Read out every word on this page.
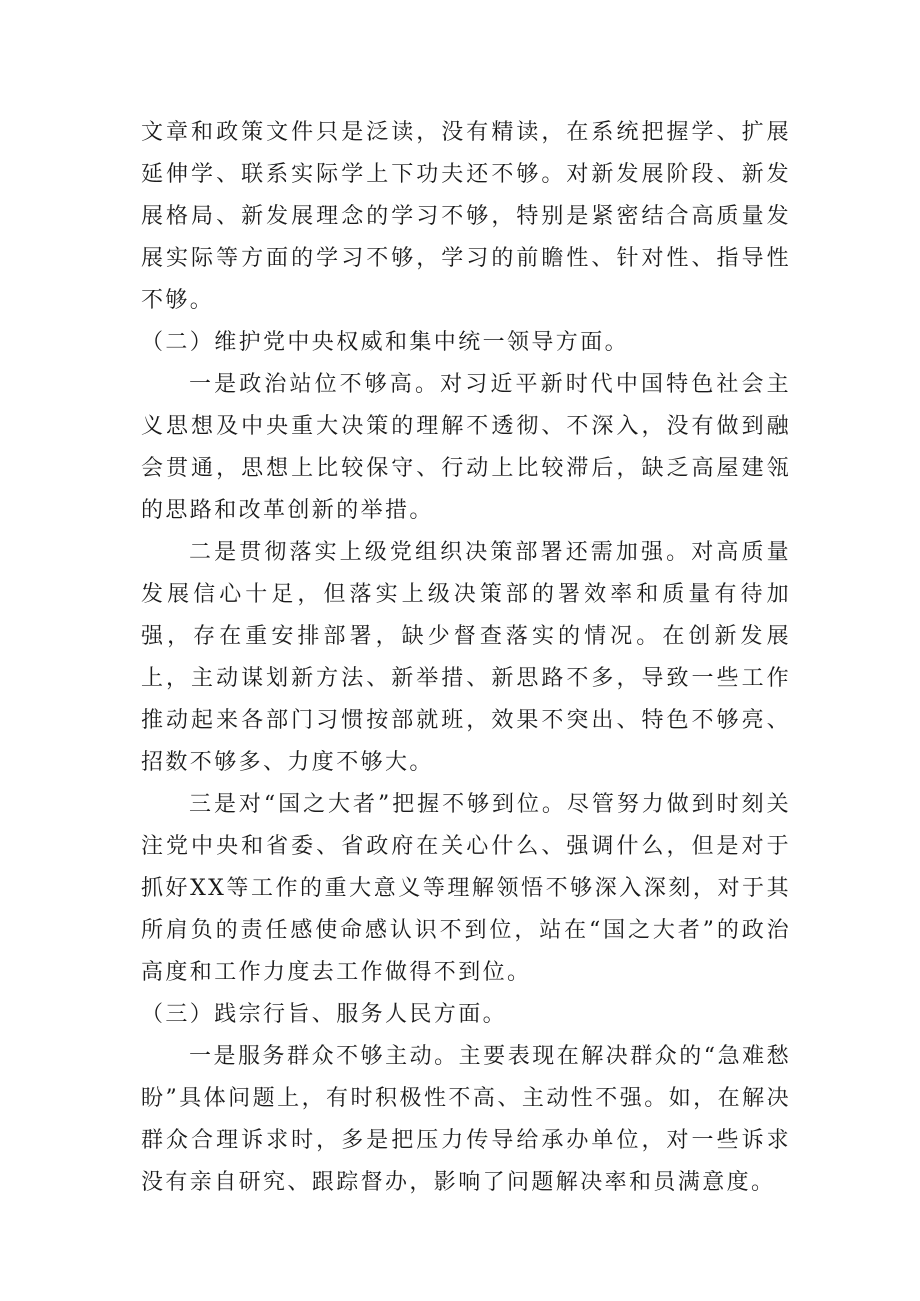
文章和政策文件只是泛读，没有精读，在系统把握学、扩展延伸学、联系实际学上下功夫还不够。对新发展阶段、新发展格局、新发展理念的学习不够，特别是紧密结合高质量发展实际等方面的学习不够，学习的前瞻性、针对性、指导性不够。

（二）维护党中央权威和集中统一领导方面。

一是政治站位不够高。对习近平新时代中国特色社会主义思想及中央重大决策的理解不透彻、不深入，没有做到融会贯通，思想上比较保守、行动上比较滞后，缺乏高屋建瓴的思路和改革创新的举措。

二是贯彻落实上级党组织决策部署还需加强。对高质量发展信心十足，但落实上级决策部的署效率和质量有待加强，存在重安排部署，缺少督查落实的情况。在创新发展上，主动谋划新方法、新举措、新思路不多，导致一些工作推动起来各部门习惯按部就班，效果不突出、特色不够亮、招数不够多、力度不够大。

三是对“国之大者”把握不够到位。尽管努力做到时刻关注党中央和省委、省政府在关心什么、强调什么，但是对于抓好XX等工作的重大意义等理解领悟不够深入深刻，对于其所肩负的责任感使命感认识不到位，站在“国之大者”的政治高度和工作力度去工作做得不到位。

（三）践宗行旨、服务人民方面。

一是服务群众不够主动。主要表现在解决群众的“急难愁盼”具体问题上，有时积极性不高、主动性不强。如，在解决群众合理诉求时，多是把压力传导给承办单位，对一些诉求没有亲自研究、跟踪督办，影响了问题解决率和员满意度。
